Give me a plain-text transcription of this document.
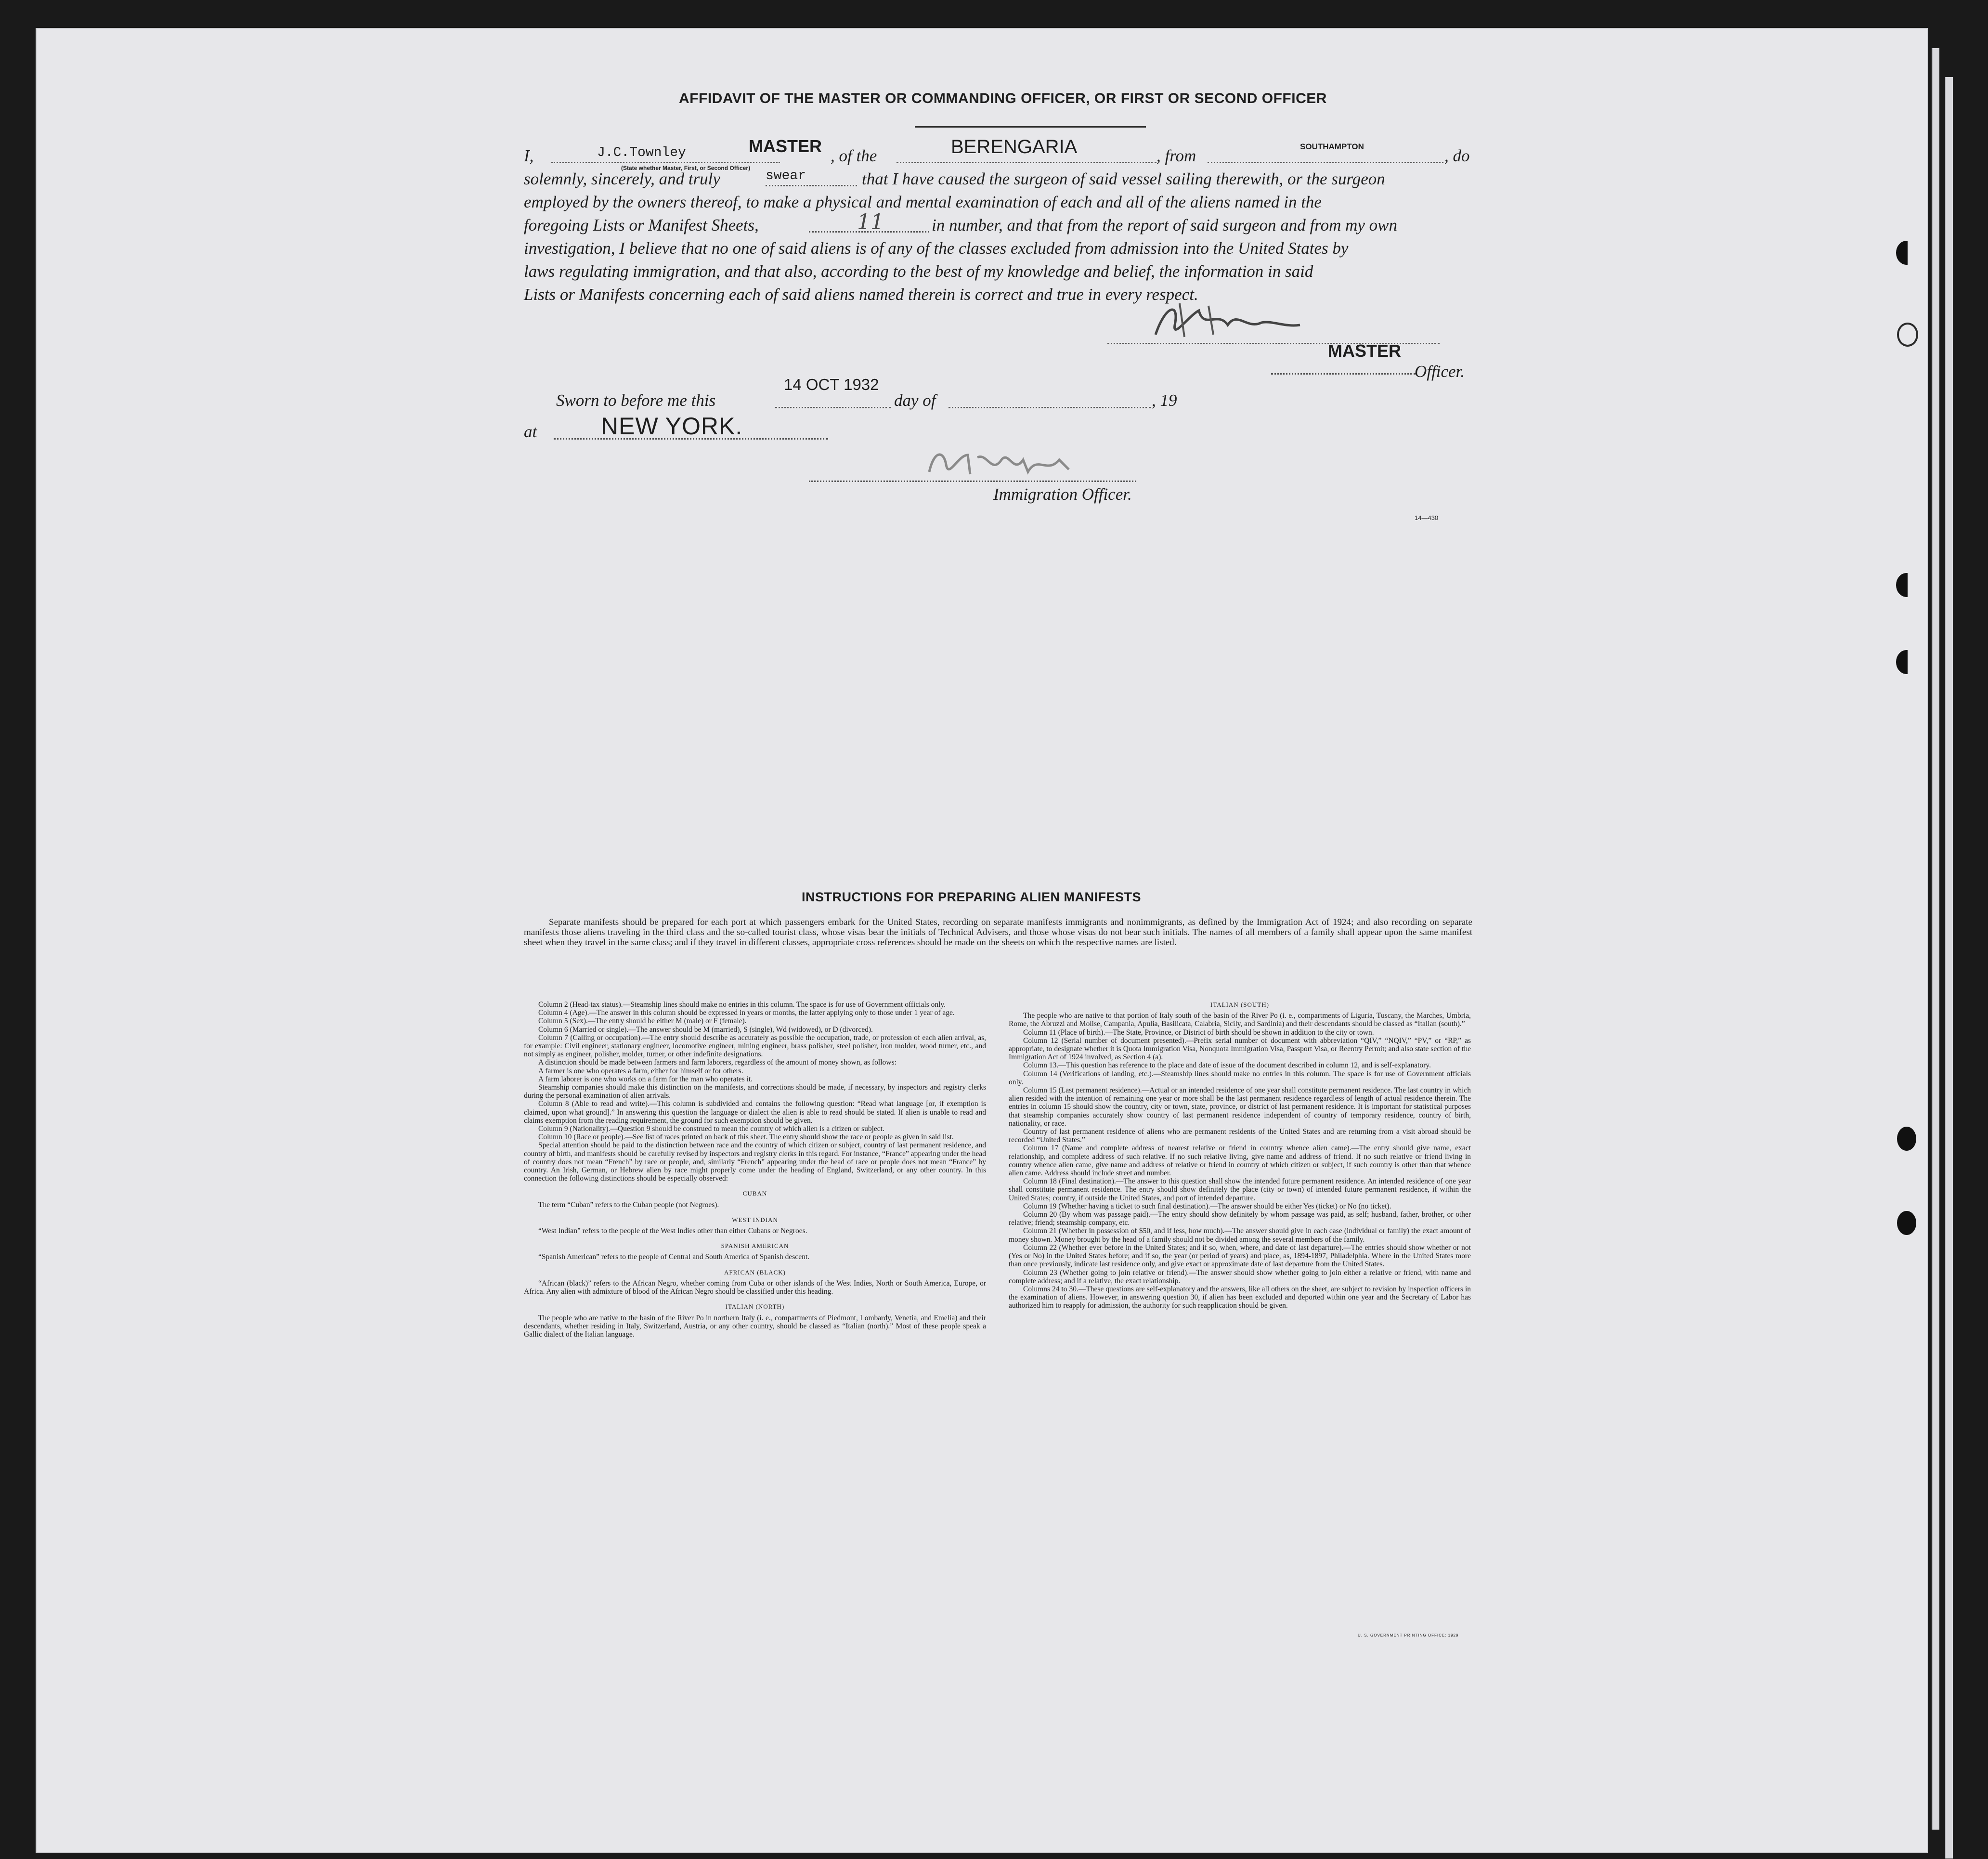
AFFIDAVIT OF THE MASTER OR COMMANDING OFFICER, OR FIRST OR SECOND OFFICER
I,	J.C.Townley	MASTER
(State whether Master, First, or Second Officer)
, of the	BERENGARIA	, from	SOUTHAMPTON	, do
solemnly, sincerely, and truly	swear	that I have caused the surgeon of said vessel sailing therewith, or the surgeon
employed by the owners thereof, to make a physical and mental examination of each and all of the aliens named in the
foregoing Lists or Manifest Sheets,	11	in number, and that from the report of said surgeon and from my own
investigation, I believe that no one of said aliens is of any of the classes excluded from admission into the United States by
laws regulating immigration, and that also, according to the best of my knowledge and belief, the information in said
Lists or Manifests concerning each of said aliens named therein is correct and true in every respect.
MASTER
Officer.
Sworn to before me this
14 OCT 1932
day of	, 19
at	NEW YORK.
Immigration Officer.
14—430
INSTRUCTIONS FOR PREPARING ALIEN MANIFESTS
Separate manifests should be prepared for each port at which passengers embark for the United States, recording on separate manifests immigrants and nonimmigrants, as defined by the Immigration Act of 1924; and also recording on separate manifests those aliens traveling in the third class and the so-called tourist class, whose visas bear the initials of Technical Advisers, and those whose visas do not bear such initials. The names of all members of a family shall appear upon the same manifest sheet when they travel in the same class; and if they travel in different classes, appropriate cross references should be made on the sheets on which the respective names are listed.

Column 2 (Head-tax status).—Steamship lines should make no entries in this column. The space is for use of Government officials only.

Column 4 (Age).—The answer in this column should be expressed in years or months, the latter applying only to those under 1 year of age.

Column 5 (Sex).—The entry should be either M (male) or F (female).

Column 6 (Married or single).—The answer should be M (married), S (single), Wd (widowed), or D (divorced).

Column 7 (Calling or occupation).—The entry should describe as accurately as possible the occupation, trade, or profession of each alien arrival, as, for example: Civil engineer, stationary engineer, locomotive engineer, mining engineer, brass polisher, steel polisher, iron molder, wood turner, etc., and not simply as engineer, polisher, molder, turner, or other indefinite designations.

A distinction should be made between farmers and farm laborers, regardless of the amount of money shown, as follows:

A farmer is one who operates a farm, either for himself or for others.

A farm laborer is one who works on a farm for the man who operates it.

Steamship companies should make this distinction on the manifests, and corrections should be made, if necessary, by inspectors and registry clerks during the personal examination of alien arrivals.

Column 8 (Able to read and write).—This column is subdivided and contains the following question: “Read what language [or, if exemption is claimed, upon what ground].” In answering this question the language or dialect the alien is able to read should be stated. If alien is unable to read and claims exemption from the reading requirement, the ground for such exemption should be given.

Column 9 (Nationality).—Question 9 should be construed to mean the country of which alien is a citizen or subject.

Column 10 (Race or people).—See list of races printed on back of this sheet. The entry should show the race or people as given in said list.

Special attention should be paid to the distinction between race and the country of which citizen or subject, country of last permanent residence, and country of birth, and manifests should be carefully revised by inspectors and registry clerks in this regard. For instance, “France” appearing under the head of country does not mean “French” by race or people, and, similarly “French” appearing under the head of race or people does not mean “France” by country. An Irish, German, or Hebrew alien by race might properly come under the heading of England, Switzerland, or any other country. In this connection the following distinctions should be especially observed:

CUBAN

The term “Cuban” refers to the Cuban people (not Negroes).

WEST INDIAN

“West Indian” refers to the people of the West Indies other than either Cubans or Negroes.

SPANISH AMERICAN

“Spanish American” refers to the people of Central and South America of Spanish descent.

AFRICAN (BLACK)

“African (black)” refers to the African Negro, whether coming from Cuba or other islands of the West Indies, North or South America, Europe, or Africa. Any alien with admixture of blood of the African Negro should be classified under this heading.

ITALIAN (NORTH)

The people who are native to the basin of the River Po in northern Italy (i. e., compartments of Piedmont, Lombardy, Venetia, and Emelia) and their descendants, whether residing in Italy, Switzerland, Austria, or any other country, should be classed as “Italian (north).” Most of these people speak a Gallic dialect of the Italian language.

ITALIAN (SOUTH)

The people who are native to that portion of Italy south of the basin of the River Po (i. e., compartments of Liguria, Tuscany, the Marches, Umbria, Rome, the Abruzzi and Molise, Campania, Apulia, Basilicata, Calabria, Sicily, and Sardinia) and their descendants should be classed as “Italian (south).”

Column 11 (Place of birth).—The State, Province, or District of birth should be shown in addition to the city or town.

Column 12 (Serial number of document presented).—Prefix serial number of document with abbreviation “QIV,” “NQIV,” “PV,” or “RP,” as appropriate, to designate whether it is Quota Immigration Visa, Nonquota Immigration Visa, Passport Visa, or Reentry Permit; and also state section of the Immigration Act of 1924 involved, as Section 4 (a).

Column 13.—This question has reference to the place and date of issue of the document described in column 12, and is self-explanatory.

Column 14 (Verifications of landing, etc.).—Steamship lines should make no entries in this column. The space is for use of Government officials only.

Column 15 (Last permanent residence).—Actual or an intended residence of one year shall constitute permanent residence. The last country in which alien resided with the intention of remaining one year or more shall be the last permanent residence regardless of length of actual residence therein. The entries in column 15 should show the country, city or town, state, province, or district of last permanent residence. It is important for statistical purposes that steamship companies accurately show country of last permanent residence independent of country of temporary residence, country of birth, nationality, or race.

Country of last permanent residence of aliens who are permanent residents of the United States and are returning from a visit abroad should be recorded “United States.”

Column 17 (Name and complete address of nearest relative or friend in country whence alien came).—The entry should give name, exact relationship, and complete address of such relative. If no such relative living, give name and address of friend. If no such relative or friend living in country whence alien came, give name and address of relative or friend in country of which citizen or subject, if such country is other than that whence alien came. Address should include street and number.

Column 18 (Final destination).—The answer to this question shall show the intended future permanent residence. An intended residence of one year shall constitute permanent residence. The entry should show definitely the place (city or town) of intended future permanent residence, if within the United States; country, if outside the United States, and port of intended departure.

Column 19 (Whether having a ticket to such final destination).—The answer should be either Yes (ticket) or No (no ticket).

Column 20 (By whom was passage paid).—The entry should show definitely by whom passage was paid, as self; husband, father, brother, or other relative; friend; steamship company, etc.

Column 21 (Whether in possession of $50, and if less, how much).—The answer should give in each case (individual or family) the exact amount of money shown. Money brought by the head of a family should not be divided among the several members of the family.

Column 22 (Whether ever before in the United States; and if so, when, where, and date of last departure).—The entries should show whether or not (Yes or No) in the United States before; and if so, the year (or period of years) and place, as, 1894-1897, Philadelphia. Where in the United States more than once previously, indicate last residence only, and give exact or approximate date of last departure from the United States.

Column 23 (Whether going to join relative or friend).—The answer should show whether going to join either a relative or friend, with name and complete address; and if a relative, the exact relationship.

Columns 24 to 30.—These questions are self-explanatory and the answers, like all others on the sheet, are subject to revision by inspection officers in the examination of aliens. However, in answering question 30, if alien has been excluded and deported within one year and the Secretary of Labor has authorized him to reapply for admission, the authority for such reapplication should be given.

U. S. GOVERNMENT PRINTING OFFICE: 1929
